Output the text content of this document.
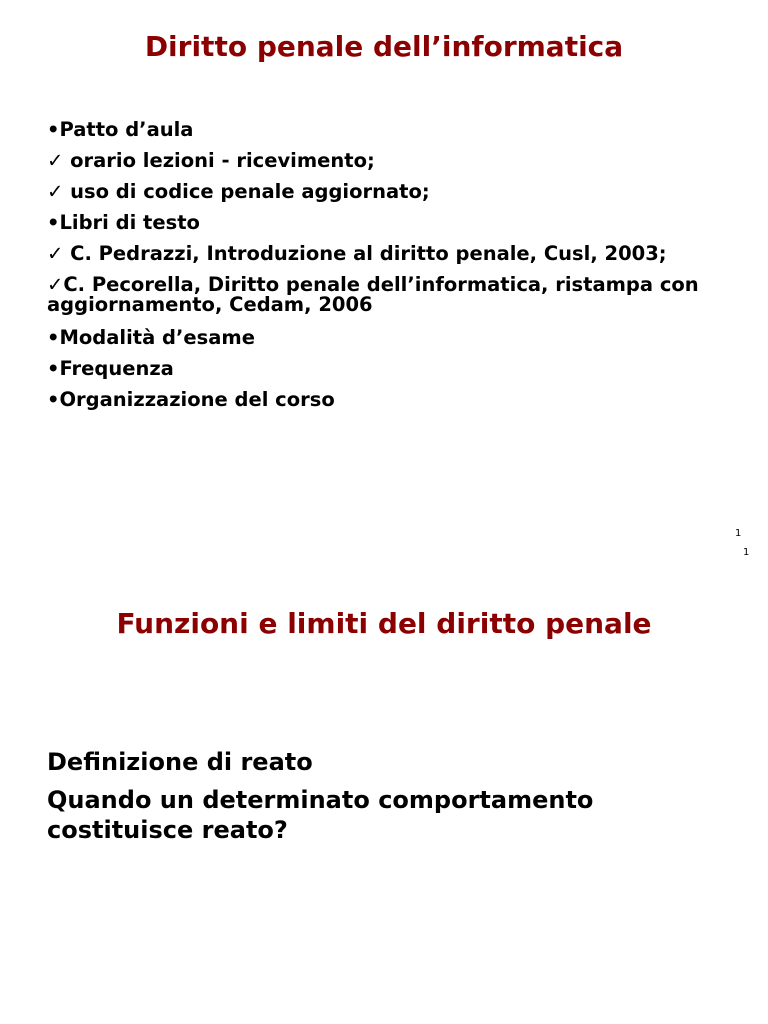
Diritto penale dell’informatica
•Patto d’aula
✓ orario lezioni - ricevimento;
✓ uso di codice penale aggiornato;
•Libri di testo
✓ C. Pedrazzi, Introduzione al diritto penale, Cusl, 2003;
✓C. Pecorella, Diritto penale dell’informatica, ristampa con aggiornamento, Cedam, 2006
•Modalità d’esame
•Frequenza
•Organizzazione del corso
1
1
Funzioni e limiti del diritto penale
Definizione di reato
Quando un determinato comportamento costituisce reato?
